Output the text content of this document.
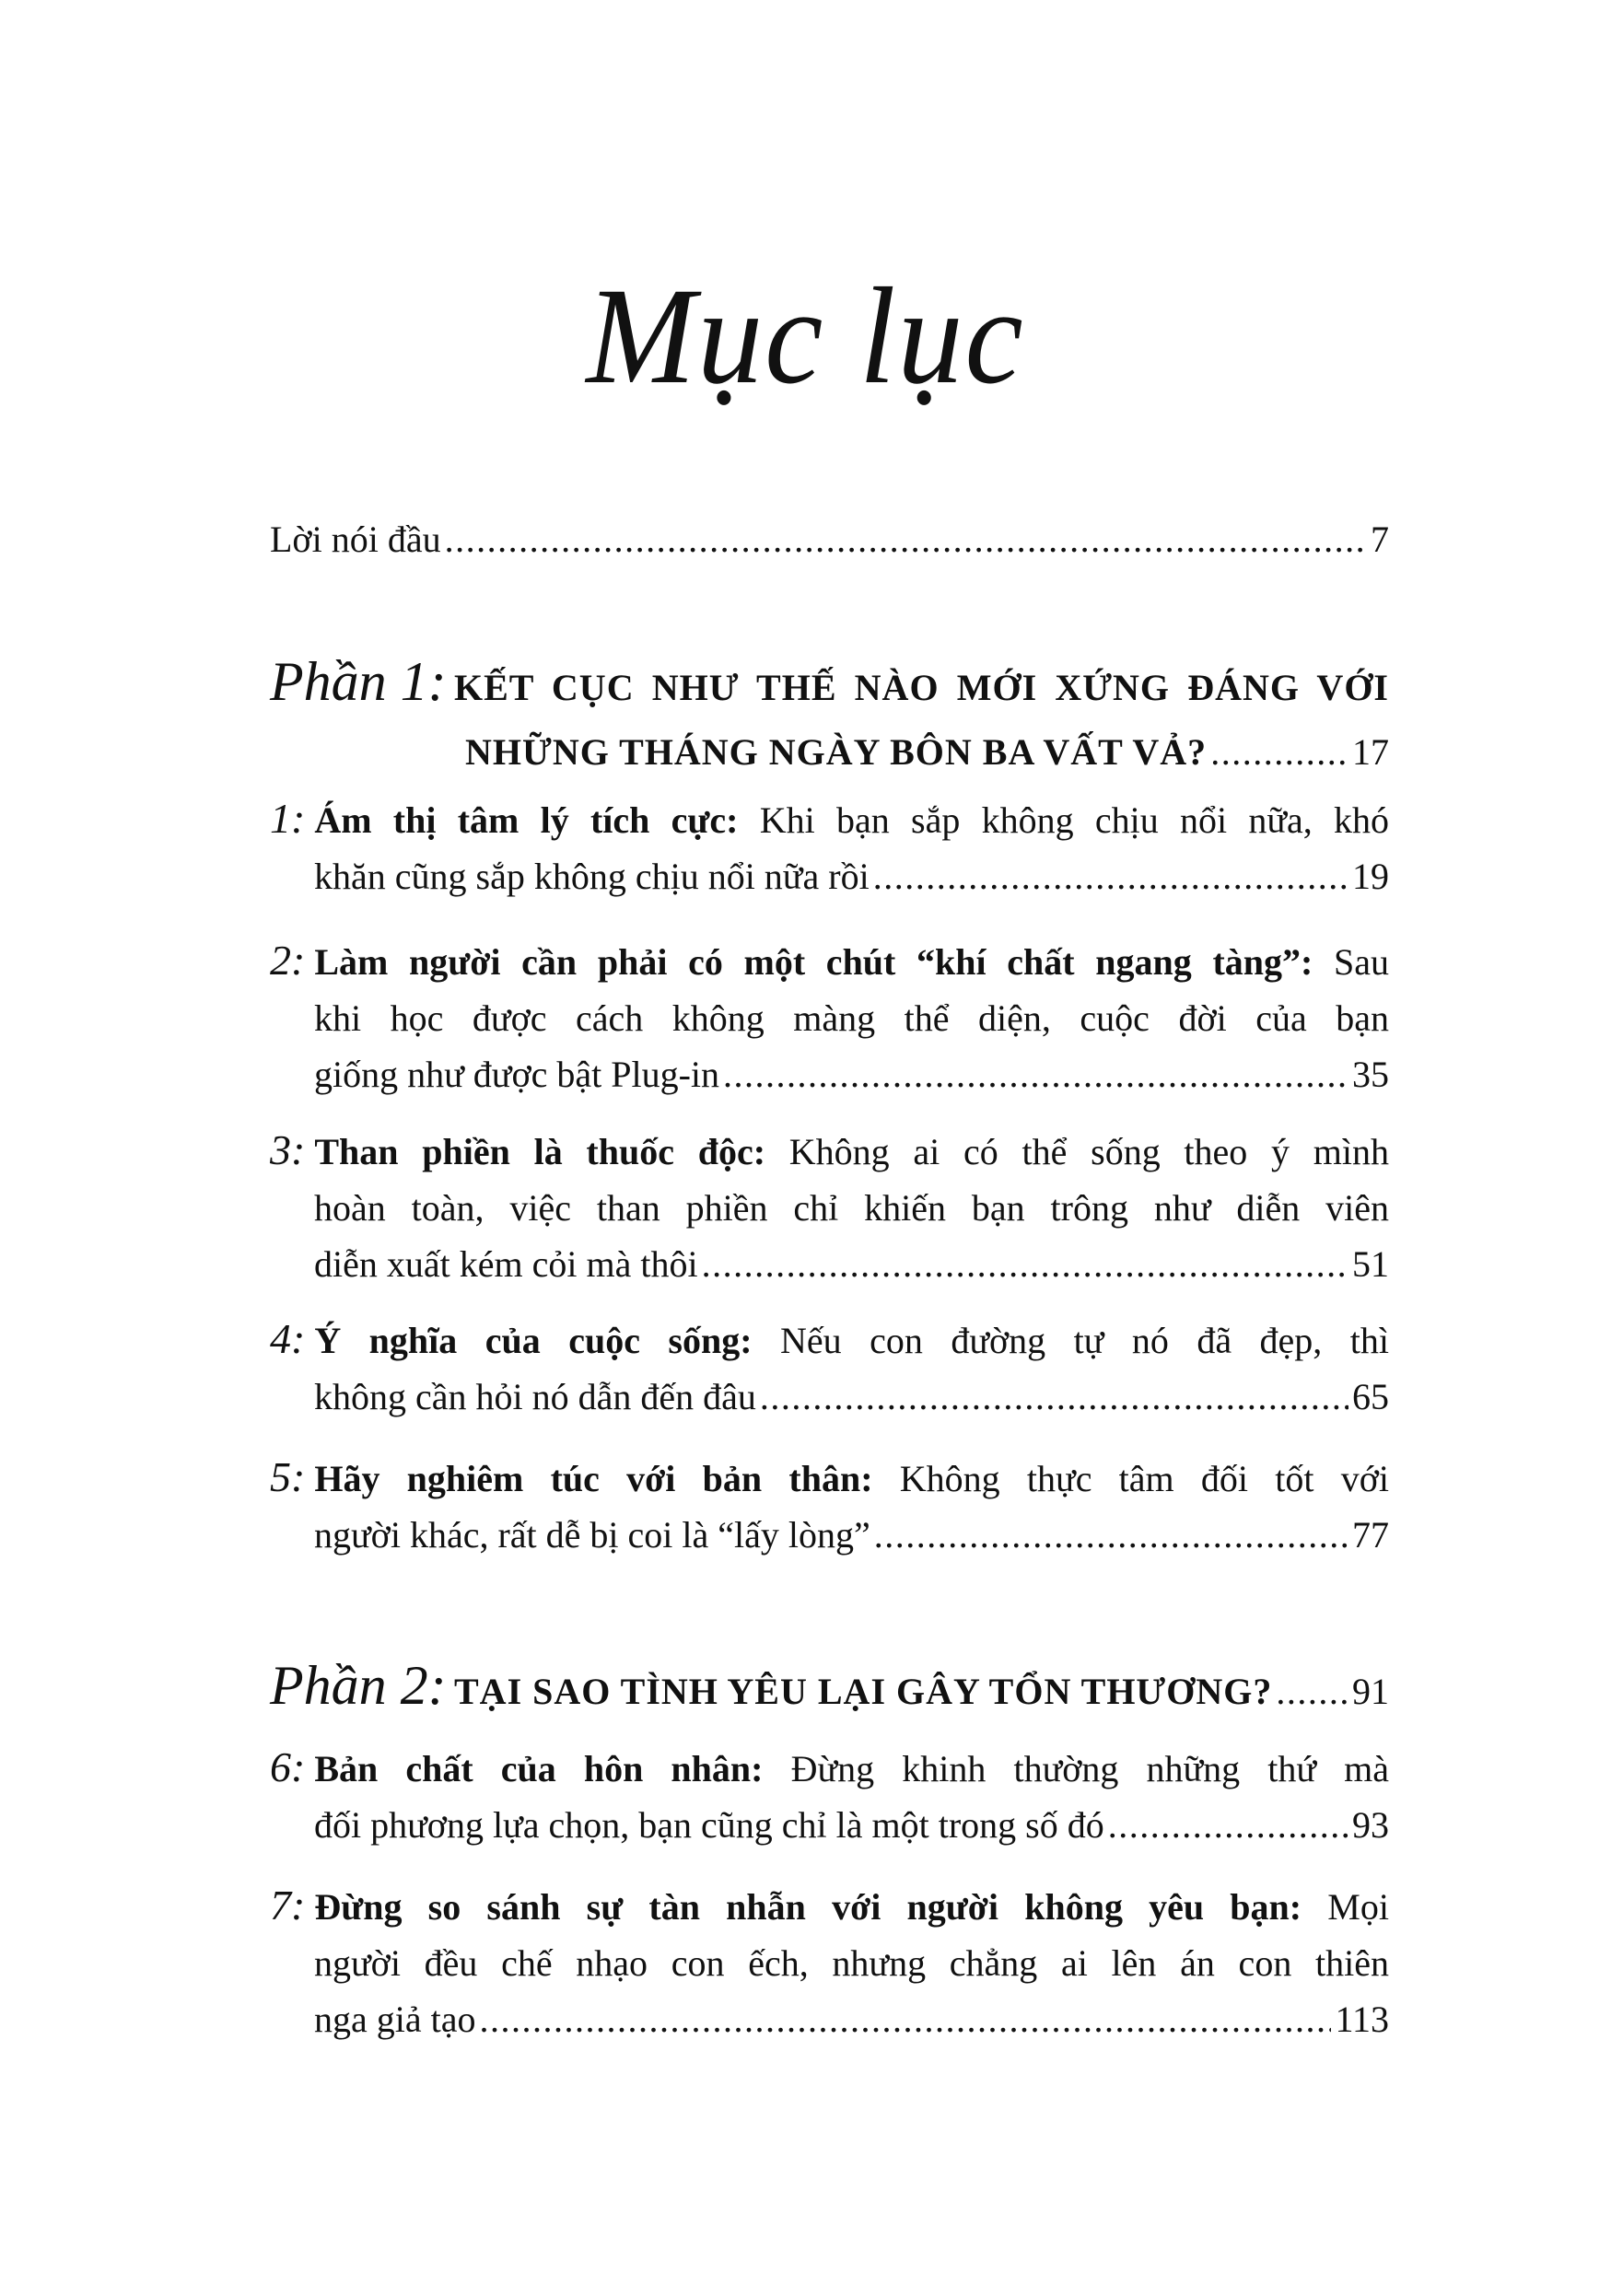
Mục lục
Lời nói đầu .....	7
Phần 1: KẾT CỤC NHƯ THẾ NÀO MỚI XỨNG ĐÁNG VỚI
NHỮNG THÁNG NGÀY BÔN BA VẤT VẢ? .....	17
1: Ám thị tâm lý tích cực: Khi bạn sắp không chịu nổi nữa, khó
khăn cũng sắp không chịu nổi nữa rồi .....	19
2: Làm người cần phải có một chút “khí chất ngang tàng”: Sau
khi học được cách không màng thể diện, cuộc đời của bạn
giống như được bật Plug-in .....	35
3: Than phiền là thuốc độc: Không ai có thể sống theo ý mình
hoàn toàn, việc than phiền chỉ khiến bạn trông như diễn viên
diễn xuất kém cỏi mà thôi .....	51
4: Ý nghĩa của cuộc sống: Nếu con đường tự nó đã đẹp, thì
không cần hỏi nó dẫn đến đâu .....	65
5: Hãy nghiêm túc với bản thân: Không thực tâm đối tốt với
người khác, rất dễ bị coi là “lấy lòng” .....	77
Phần 2: TẠI SAO TÌNH YÊU LẠI GÂY TỔN THƯƠNG? ..... 91
6: Bản chất của hôn nhân: Đừng khinh thường những thứ mà
đối phương lựa chọn, bạn cũng chỉ là một trong số đó .....	93
7: Đừng so sánh sự tàn nhẫn với người không yêu bạn: Mọi
người đều chế nhạo con ếch, nhưng chẳng ai lên án con thiên
nga giả tạo .....	113
